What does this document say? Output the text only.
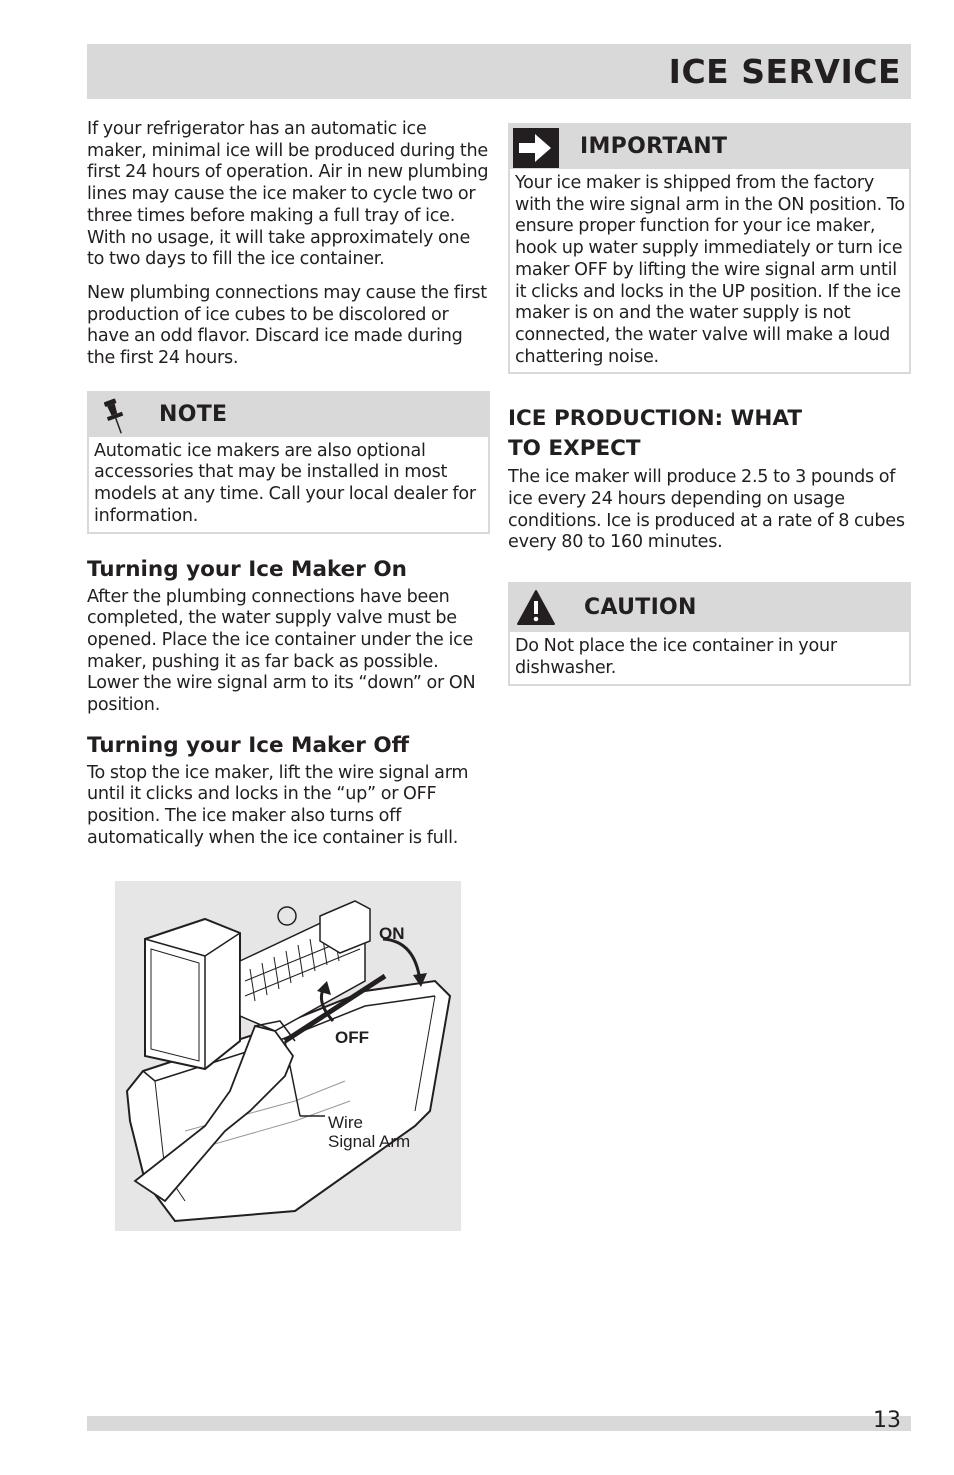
ICE SERVICE

If your refrigerator has an automatic ice maker, minimal ice will be produced during the first 24 hours of operation. Air in new plumbing lines may cause the ice maker to cycle two or three times before making a full tray of ice. With no usage, it will take approximately one to two days to fill the ice container.

New plumbing connections may cause the first production of ice cubes to be discolored or have an odd flavor. Discard ice made during the first 24 hours.

NOTE
Automatic ice makers are also optional accessories that may be installed in most models at any time. Call your local dealer for information.
Turning your Ice Maker On

After the plumbing connections have been completed, the water supply valve must be opened. Place the ice container under the ice maker, pushing it as far back as possible. Lower the wire signal arm to its “down” or ON position.

Turning your Ice Maker Off

To stop the ice maker, lift the wire signal arm until it clicks and locks in the “up” or OFF position. The ice maker also turns off automatically when the ice container is full.

ON
OFF
Wire
Signal Arm
IMPORTANT
Your ice maker is shipped from the factory with the wire signal arm in the ON position. To ensure proper function for your ice maker, hook up water supply immediately or turn ice maker OFF by lifting the wire signal arm until it clicks and locks in the UP position. If the ice maker is on and the water supply is not connected, the water valve will make a loud chattering noise.
ICE PRODUCTION: WHAT
TO EXPECT

The ice maker will produce 2.5 to 3 pounds of ice every 24 hours depending on usage conditions. Ice is produced at a rate of 8 cubes every 80 to 160 minutes.

CAUTION
Do Not place the ice container in your dishwasher.
13
